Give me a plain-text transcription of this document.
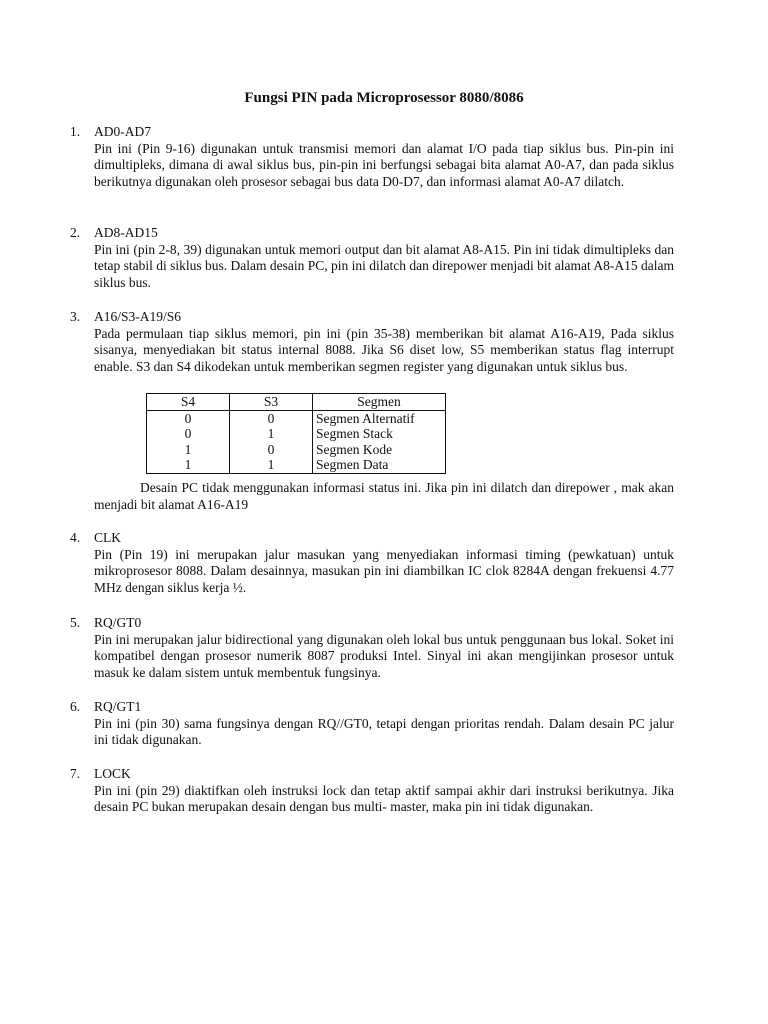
Fungsi PIN pada Microprosessor 8080/8086
1. AD0-AD7

Pin ini (Pin 9-16) digunakan untuk transmisi memori dan alamat I/O pada tiap siklus bus. Pin-pin ini dimultipleks, dimana di awal siklus bus, pin-pin ini berfungsi sebagai bita alamat A0-A7, dan pada siklus berikutnya digunakan oleh prosesor sebagai bus data D0-D7, dan informasi alamat A0-A7 dilatch.

2. AD8-AD15

Pin ini (pin 2-8, 39) digunakan untuk memori output dan bit alamat A8-A15. Pin ini tidak dimultipleks dan tetap stabil di siklus bus. Dalam desain PC, pin ini dilatch dan direpower menjadi bit alamat A8-A15 dalam siklus bus.

3. A16/S3-A19/S6

Pada permulaan tiap siklus memori, pin ini (pin 35-38) memberikan bit alamat A16-A19, Pada siklus sisanya, menyediakan bit status internal 8088. Jika S6 diset low, S5 memberikan status flag interrupt enable. S3 dan S4 dikodekan untuk memberikan segmen register yang digunakan untuk siklus bus.

S4	S3	Segmen
0	0	Segmen Alternatif
0	1	Segmen Stack
1	0	Segmen Kode
1	1	Segmen Data

Desain PC tidak menggunakan informasi status ini. Jika pin ini dilatch dan direpower , mak akan menjadi bit alamat A16-A19

4. CLK

Pin (Pin 19) ini merupakan jalur masukan yang menyediakan informasi timing (pewkatuan) untuk mikroprosesor 8088. Dalam desainnya, masukan pin ini diambilkan IC clok 8284A dengan frekuensi 4.77 MHz dengan siklus kerja ½.

5. RQ/GT0

Pin ini merupakan jalur bidirectional yang digunakan oleh lokal bus untuk penggunaan bus lokal. Soket ini kompatibel dengan prosesor numerik 8087 produksi Intel. Sinyal ini akan mengijinkan prosesor untuk masuk ke dalam sistem untuk membentuk fungsinya.

6. RQ/GT1

Pin ini (pin 30) sama fungsinya dengan RQ//GT0, tetapi dengan prioritas rendah. Dalam desain PC jalur ini tidak digunakan.

7. LOCK

Pin ini (pin 29) diaktifkan oleh instruksi lock dan tetap aktif sampai akhir dari instruksi berikutnya. Jika desain PC bukan merupakan desain dengan bus multi- master, maka pin ini tidak digunakan.
